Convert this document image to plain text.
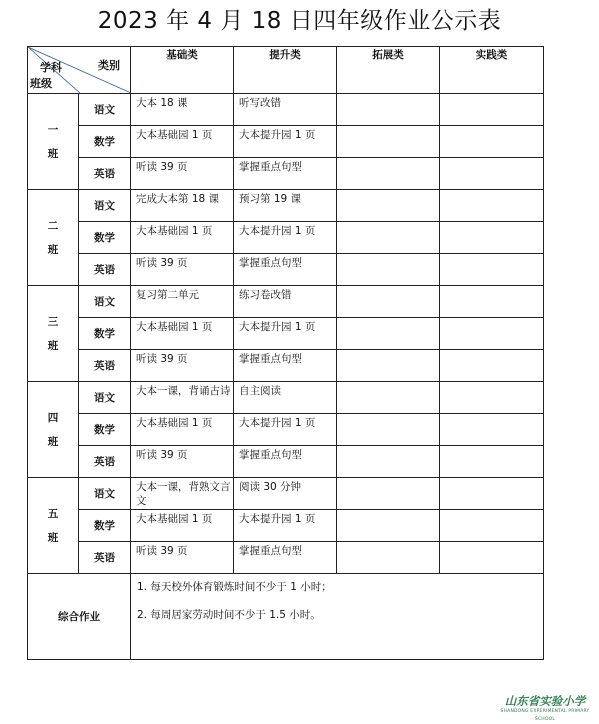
2023 年 4 月 18 日四年级作业公示表
类别
学科
班级		基础类	提升类	拓展类	实践类

一
班	语文	大本 18 课	听写改错		
	数学	大本基础园 1 页	大本提升园 1 页		
	英语	听读 39 页	掌握重点句型		

二
班	语文	完成大本第 18 课	预习第 19 课		
	数学	大本基础园 1 页	大本提升园 1 页		
	英语	听读 39 页	掌握重点句型		

三
班	语文	复习第二单元	练习卷改错		
	数学	大本基础园 1 页	大本提升园 1 页		
	英语	听读 39 页	掌握重点句型		

四
班	语文	大本一课，背诵古诗	自主阅读		
	数学	大本基础园 1 页	大本提升园 1 页		
	英语	听读 39 页	掌握重点句型		

五
班	语文	大本一课，背熟文言文	阅读 30 分钟		
	数学	大本基础园 1 页	大本提升园 1 页		
	英语	听读 39 页	掌握重点句型		
综合作业		1. 每天校外体育锻炼时间不少于 1 小时；
2. 每周居家劳动时间不少于 1.5 小时。			
山东省实验小学
SHANDONG EXPERIMENTAL PRIMARY SCHOOL
